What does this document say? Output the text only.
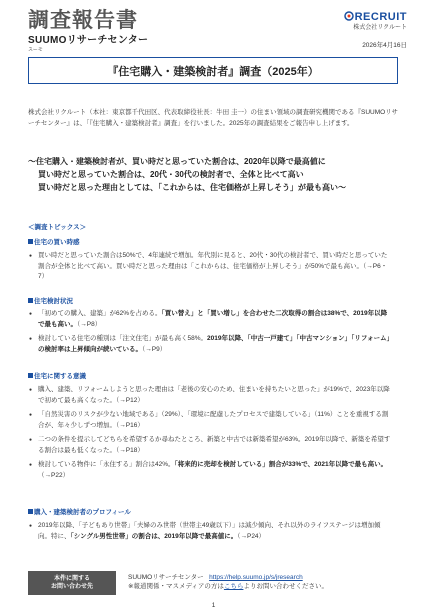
調査報告書
SUUMOリサーチセンター
スーモ
RECRUIT
株式会社リクルート
2026年4月16日
『住宅購入・建築検討者』調査（2025年）
株式会社リクルート（本社：東京都千代田区、代表取締役社長：牛田 圭一）の住まい領域の調査研究機関である『SUUMOリサーチセンター』は、「『住宅購入・建築検討者』調査」を行いました。2025年の調査結果をご報告申し上げます。
～住宅購入・建築検討者が、買い時だと思っていた割合は、2020年以降で最高値に
買い時だと思っていた割合は、20代・30代の検討者で、全体と比べて高い
買い時だと思った理由としては、「これからは、住宅価格が上昇しそう」が最も高い～
＜調査トピックス＞
住宅の買い時感
● 買い時だと思っていた割合は50%で、4年連続で増加。年代別に見ると、20代・30代の検討者で、買い時だと思っていた割合が全体と比べて高い。買い時だと思った理由は「これからは、住宅価格が上昇しそう」が50%で最も高い。（→P6・7）
住宅検討状況
● 「初めての購入、建築」が62%を占める。「買い替え」と「買い増し」を合わせた二次取得の割合は38%で、2019年以降で最も高い。（→P8）
● 検討している住宅の種別は「注文住宅」が最も高く58%。2019年以降、「中古一戸建て」「中古マンション」「リフォーム」の検討率は上昇傾向が続いている。（→P9）
住宅に関する意識
● 購入、建築、リフォームしようと思った理由は「老後の安心のため、住まいを持ちたいと思った」が19%で、2023年以降で初めて最も高くなった。（→P12）
● 「自然災害のリスクが少ない地域である」（29%）、「環境に配慮したプロセスで建築している」（11%）ことを重視する割合が、年々少しずつ増加。（→P16）
● 二つの条件を提示してどちらを希望するか尋ねたところ、新築と中古では新築希望が63%。2019年以降で、新築を希望する割合は最も低くなった。（→P18）
● 検討している物件に「永住する」割合は42%。「将来的に売却を検討している」割合が33%で、2021年以降で最も高い。（→P22）
購入・建築検討者のプロフィール
● 2019年以降、「子どもあり世帯」「夫婦のみ世帯（世帯主49歳以下）」は減少傾向、それ以外のライフステージは増加傾向。特に、「シングル男性世帯」の割合は、2019年以降で最高値に。（→P24）
本件に関する
お問い合わせ先
SUUMOリサーチセンター https://help.suumo.jp/s/jresearch
※報道関係・マスメディアの方はこちらよりお問い合わせください。
1
